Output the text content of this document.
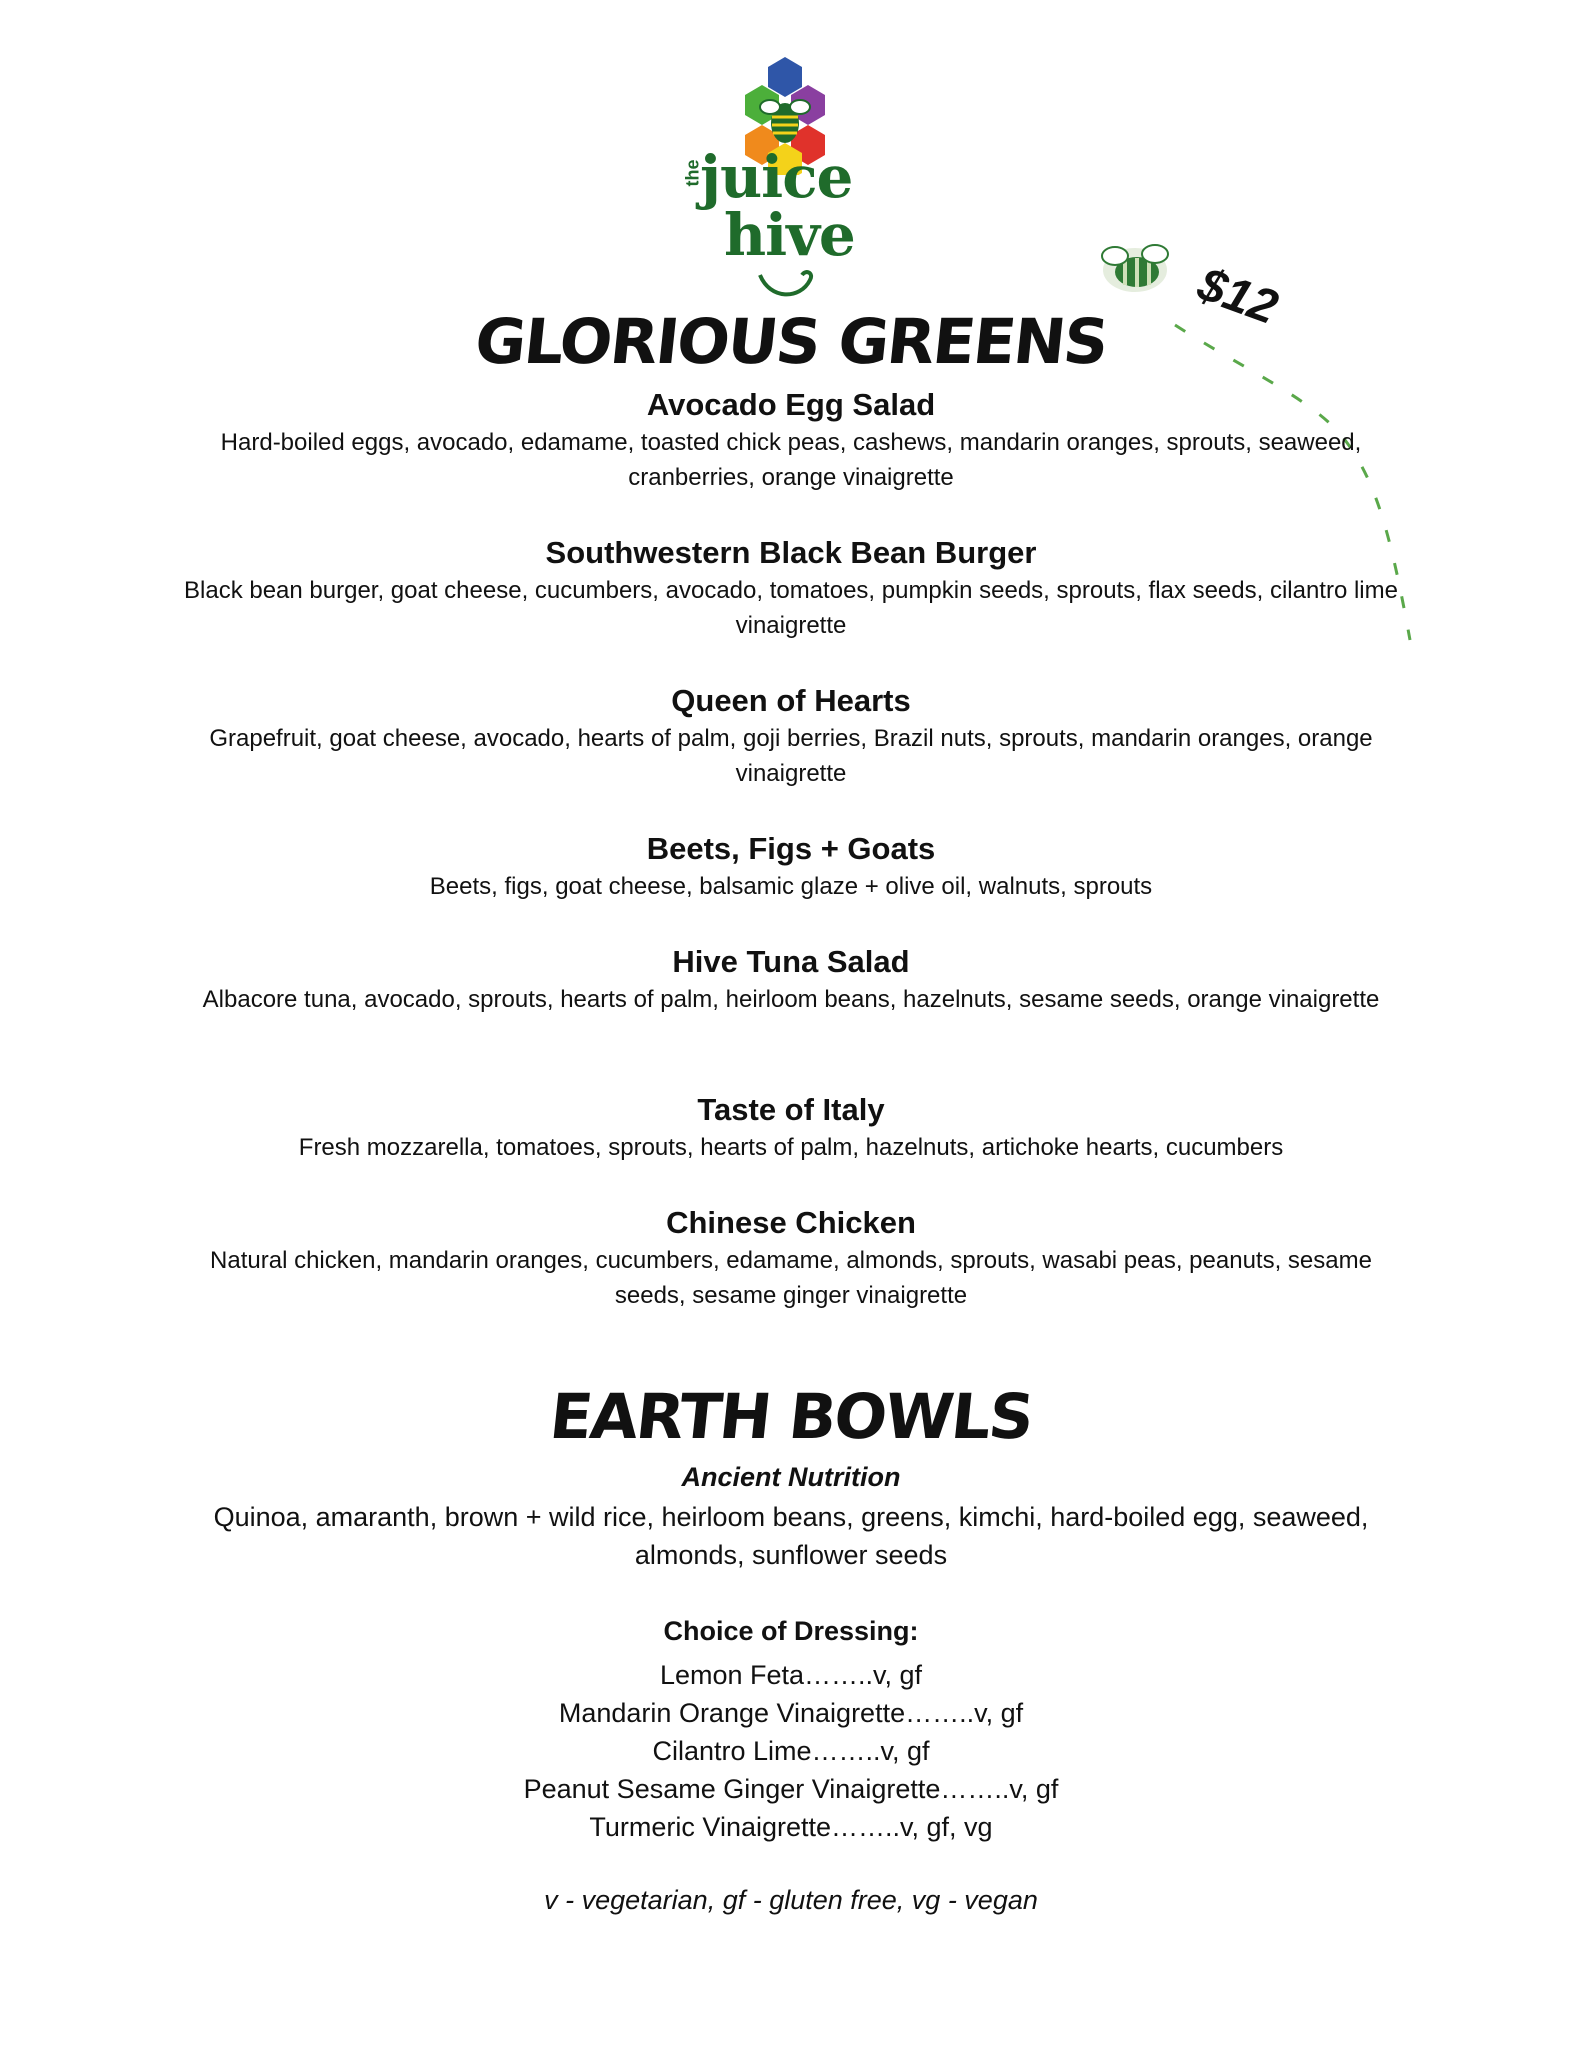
the
juice
hive
$12
GLORIOUS GREENS

Avocado Egg Salad

Hard-boiled eggs, avocado, edamame, toasted chick peas, cashews, mandarin oranges, sprouts, seaweed, cranberries, orange vinaigrette

Southwestern Black Bean Burger

Black bean burger, goat cheese, cucumbers, avocado, tomatoes, pumpkin seeds, sprouts, flax seeds, cilantro lime vinaigrette

Queen of Hearts

Grapefruit, goat cheese, avocado, hearts of palm, goji berries, Brazil nuts, sprouts, mandarin oranges, orange vinaigrette

Beets, Figs + Goats

Beets, figs, goat cheese, balsamic glaze + olive oil, walnuts, sprouts

Hive Tuna Salad

Albacore tuna, avocado, sprouts, hearts of palm, heirloom beans, hazelnuts, sesame seeds, orange vinaigrette

Taste of Italy

Fresh mozzarella, tomatoes, sprouts, hearts of palm, hazelnuts, artichoke hearts, cucumbers

Chinese Chicken

Natural chicken, mandarin oranges, cucumbers, edamame, almonds, sprouts, wasabi peas, peanuts, sesame seeds, sesame ginger vinaigrette

EARTH BOWLS
Ancient Nutrition
Quinoa, amaranth, brown + wild rice, heirloom beans, greens, kimchi, hard-boiled egg, seaweed, almonds, sunflower seeds
Choice of Dressing:
Lemon Feta……..v, gf
Mandarin Orange Vinaigrette……..v, gf
Cilantro Lime……..v, gf
Peanut Sesame Ginger Vinaigrette……..v, gf
Turmeric Vinaigrette……..v, gf, vg
v - vegetarian, gf - gluten free, vg - vegan
